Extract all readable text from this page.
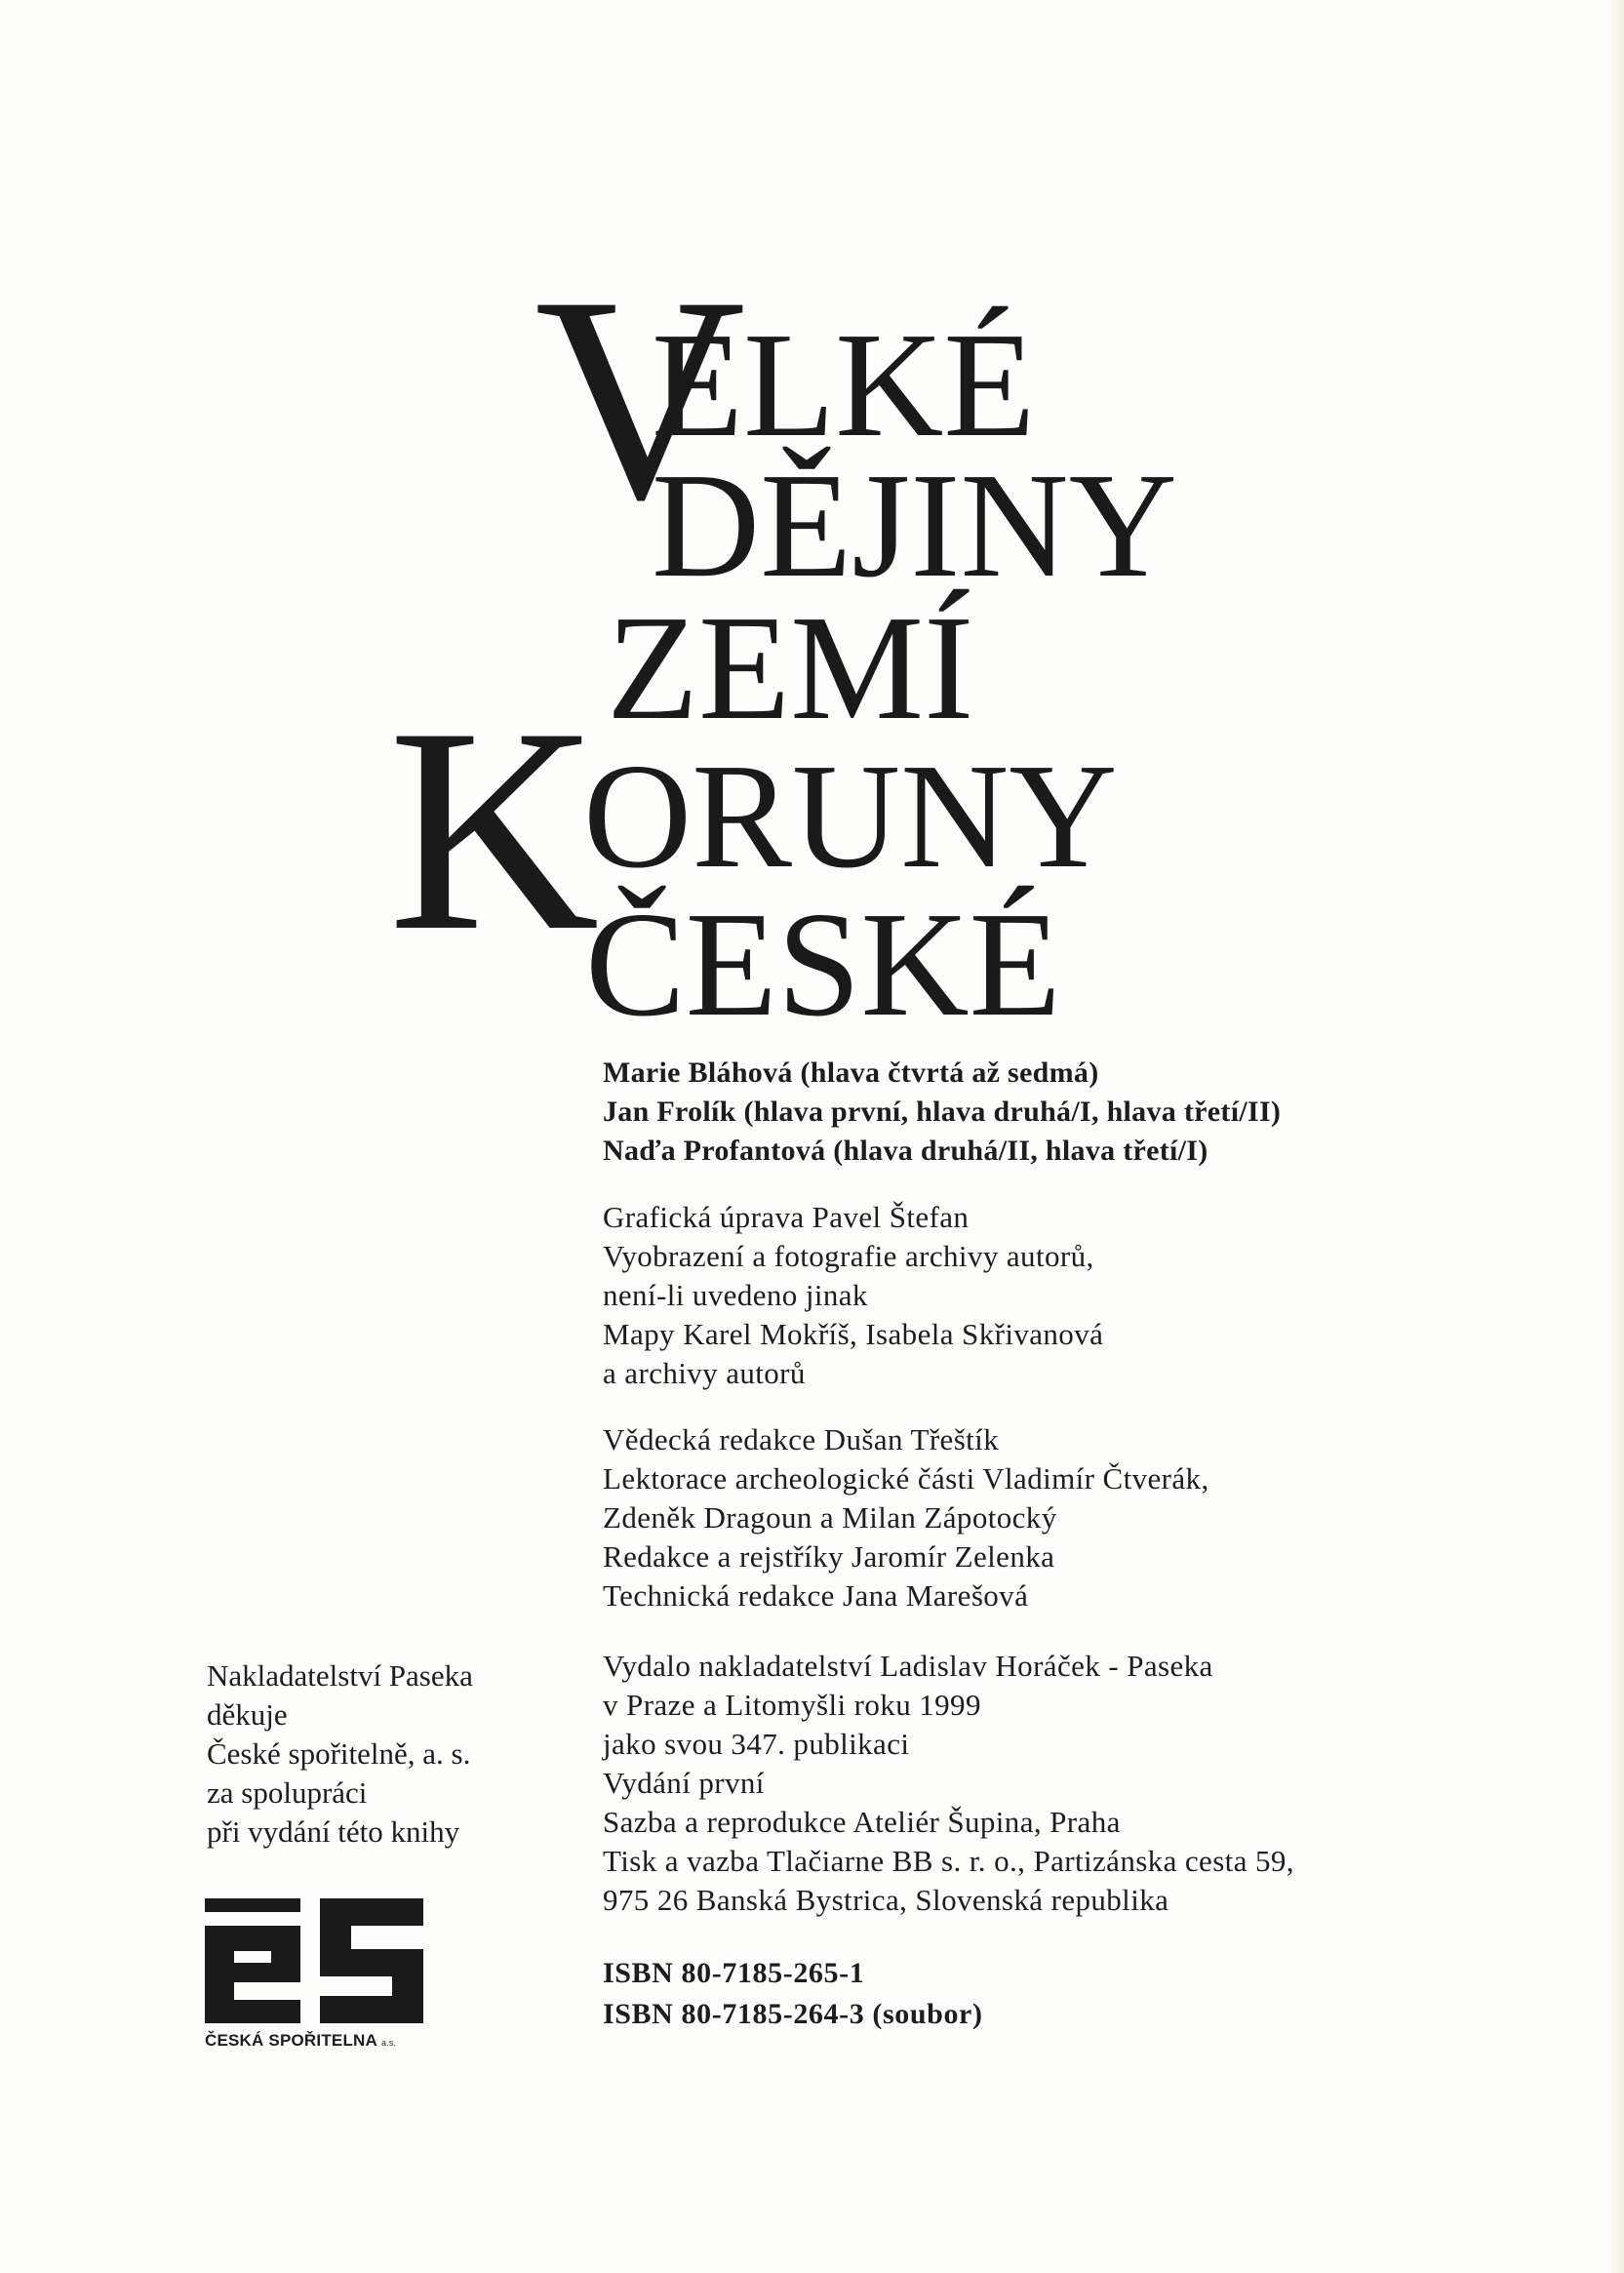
V
ELKÉ
DĚJINY
ZEMÍ
K
ORUNY
ČESKÉ
Marie Bláhová (hlava čtvrtá až sedmá)
Jan Frolík (hlava první, hlava druhá/I, hlava třetí/II)
Naďa Profantová (hlava druhá/II, hlava třetí/I)
Grafická úprava Pavel Štefan
Vyobrazení a fotografie archivy autorů,
není-li uvedeno jinak
Mapy Karel Mokříš, Isabela Skřivanová
a archivy autorů
Vědecká redakce Dušan Třeštík
Lektorace archeologické části Vladimír Čtverák,
Zdeněk Dragoun a Milan Zápotocký
Redakce a rejstříky Jaromír Zelenka
Technická redakce Jana Marešová
Vydalo nakladatelství Ladislav Horáček - Paseka
v Praze a Litomyšli roku 1999
jako svou 347. publikaci
Vydání první
Sazba a reprodukce Ateliér Šupina, Praha
Tisk a vazba Tlačiarne BB s. r. o., Partizánska cesta 59,
975 26 Banská Bystrica, Slovenská republika
ISBN 80-7185-265-1
ISBN 80-7185-264-3 (soubor)
Nakladatelství Paseka
děkuje
České spořitelně, a. s.
za spolupráci
při vydání této knihy
ČESKÁ SPOŘITELNA a.s.
